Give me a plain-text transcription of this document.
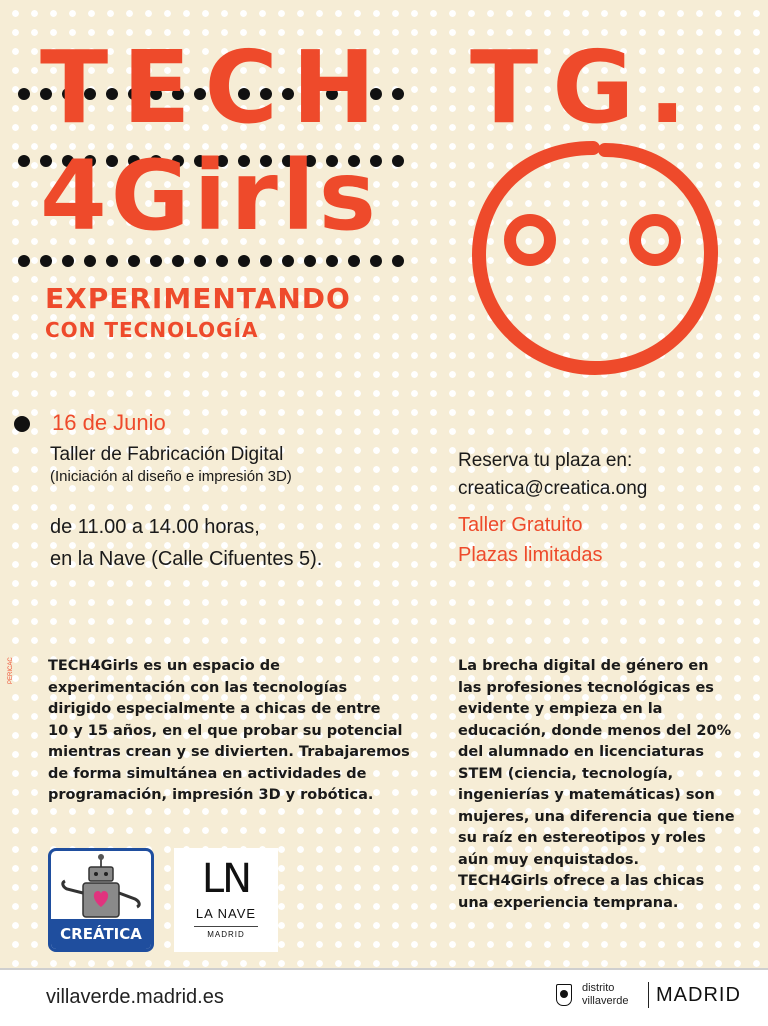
TECH TG.
4Girls
EXPERIMENTANDO
CON TECNOLOGÍA
16 de Junio
Taller de Fabricación Digital
(Iniciación al diseño e impresión 3D)
de 11.00 a 14.00 horas,
en la Nave (Calle Cifuentes 5).
Reserva tu plaza en:
creatica@creatica.ong
Taller Gratuito
Plazas limitadas
PERICAC TECH4Girls es un espacio de
experimentación con las tecnologías
dirigido especialmente a chicas de entre
10 y 15 años, en el que probar su potencial
mientras crean y se divierten. Trabajaremos
de forma simultánea en actividades de
programación, impresión 3D y robótica.
La brecha digital de género en
las profesiones tecnológicas es
evidente y empieza en la
educación, donde menos del 20%
del alumnado en licenciaturas
STEM (ciencia, tecnología,
ingenierías y matemáticas) son
mujeres, una diferencia que tiene
su raíz en estereotipos y roles
aún muy enquistados.
TECH4Girls ofrece a las chicas
una experiencia temprana.
CREÁTICA
LN
LA NAVE
MADRID
villaverde.madrid.es	distrito
villaverde MADRID
